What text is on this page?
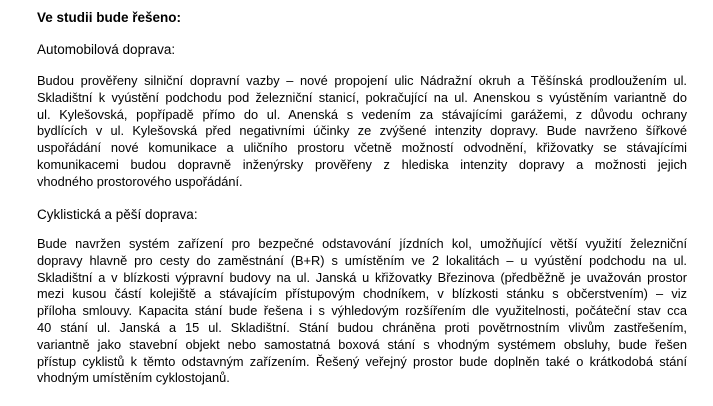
Ve studii bude řešeno:
Automobilová doprava:
Budou prověřeny silniční dopravní vazby – nové propojení ulic Nádražní okruh a Těšínská prodloužením ul.
Skladištní k vyústění podchodu pod železniční stanicí, pokračující na ul. Anenskou s vyústěním variantně do
ul. Kylešovská, popřípadě přímo do ul. Anenská s vedením za stávajícími garážemi, z důvodu ochrany
bydlících v ul. Kylešovská před negativními účinky ze zvýšené intenzity dopravy. Bude navrženo šířkové
uspořádání nové komunikace a uličního prostoru včetně možností odvodnění, křižovatky se stávajícími
komunikacemi budou dopravně inženýrsky prověřeny z hlediska intenzity dopravy a možnosti jejich
vhodného prostorového uspořádání.
Cyklistická a pěší doprava:
Bude navržen systém zařízení pro bezpečné odstavování jízdních kol, umožňující větší využití železniční
dopravy hlavně pro cesty do zaměstnání (B+R) s umístěním ve 2 lokalitách – u vyústění podchodu na ul.
Skladištní a v blízkosti výpravní budovy na ul. Janská u křižovatky Březinova (předběžně je uvažován prostor
mezi kusou částí kolejiště a stávajícím přístupovým chodníkem, v blízkosti stánku s občerstvením) – viz
příloha smlouvy. Kapacita stání bude řešena i s výhledovým rozšířením dle využitelnosti, počáteční stav cca
40 stání ul. Janská a 15 ul. Skladištní. Stání budou chráněna proti povětrnostním vlivům zastřešením,
variantně jako stavební objekt nebo samostatná boxová stání s vhodným systémem obsluhy, bude řešen
přístup cyklistů k těmto odstavným zařízením. Řešený veřejný prostor bude doplněn také o krátkodobá stání
vhodným umístěním cyklostojanů.
